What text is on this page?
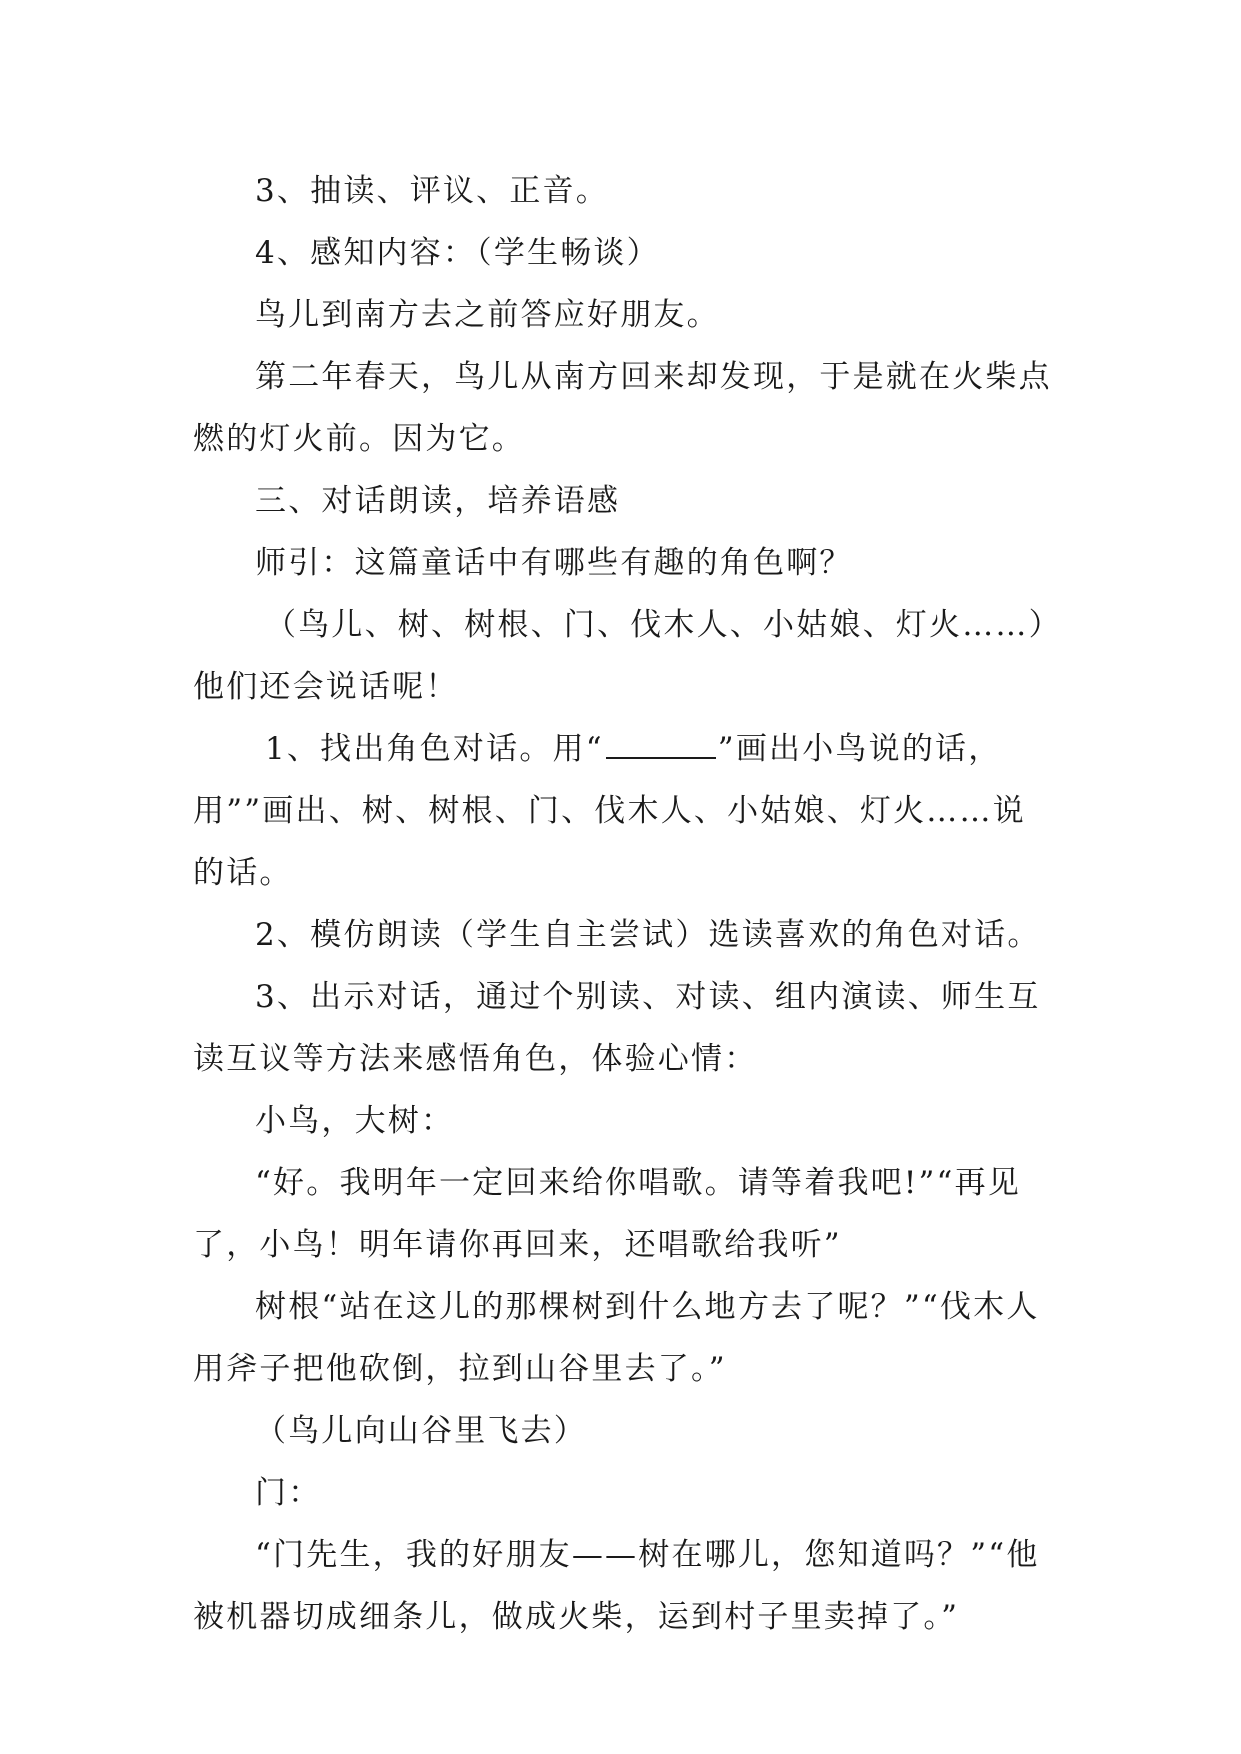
3、抽读、评议、正音。

4、感知内容：（学生畅谈）

鸟儿到南方去之前答应好朋友。

第二年春天，鸟儿从南方回来却发现，于是就在火柴点燃的灯火前。因为它。

三、对话朗读，培养语感

师引：这篇童话中有哪些有趣的角色啊？

（鸟儿、树、树根、门、伐木人、小姑娘、灯火……）他们还会说话呢！

1、找出角色对话。用“	”画出小鸟说的话，用””画出、树、树根、门、伐木人、小姑娘、灯火……说的话。

2、模仿朗读（学生自主尝试）选读喜欢的角色对话。

3、出示对话，通过个别读、对读、组内演读、师生互读互议等方法来感悟角色，体验心情：

小鸟，大树：

“好。我明年一定回来给你唱歌。请等着我吧!”“再见了，小鸟！明年请你再回来，还唱歌给我听”

树根“站在这儿的那棵树到什么地方去了呢？”“伐木人用斧子把他砍倒，拉到山谷里去了。”

（鸟儿向山谷里飞去）

门：

“门先生，我的好朋友——树在哪儿，您知道吗？”“他被机器切成细条儿，做成火柴，运到村子里卖掉了。”
